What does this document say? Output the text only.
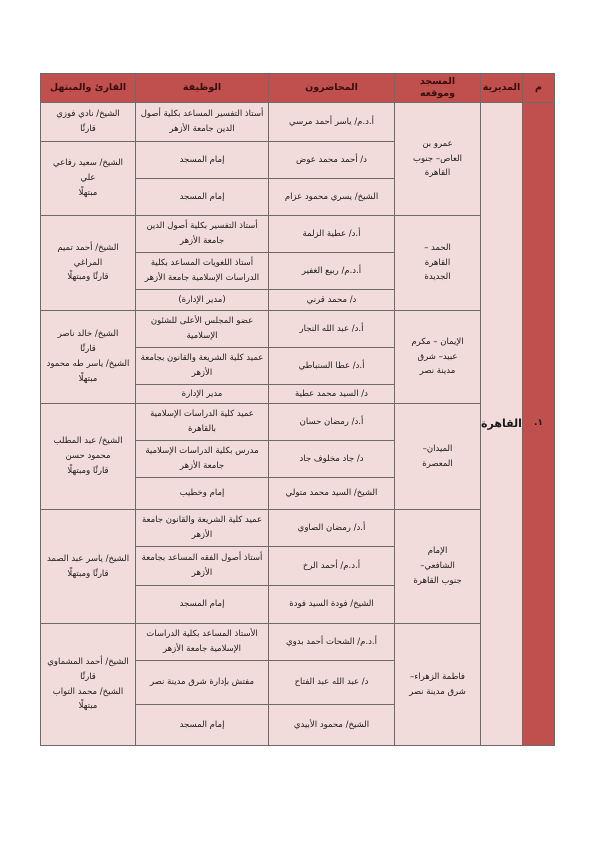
م
المديرية
المسجد
وموقعه
المحاضرون
الوظيفة
القارئ والمبتهل
١.
القاهرة
عمرو بن
العاص– جنوب
القاهرة
أ.د.م/ ياسر أحمد مرسي
د/ أحمد محمد عوض
الشيخ/ يسري محمود عزام
أستاذ التفسير المساعد بكلية أصول
الدين جامعة الأزهر
إمام المسجد
إمام المسجد
الشيخ/ نادي فوزي
قارئًا
الشيخ/ سعيد رفاعي
علي
مبتهلًا
الحمد –
القاهرة
الجديدة
أ.د/ عطية الزلمة
أ.د.م/ ربيع الغفير
د/ محمد قرني
أستاذ التفسير بكلية أصول الدين
جامعة الأزهر
أستاذ اللغويات المساعد بكلية
الدراسات الإسلامية جامعة الأزهر
(مدير الإدارة)
الشيخ/ أحمد تميم
المراغي
قارئًا ومبتهلًا
الإيمان – مكرم
عبيد– شرق
مدينة نصر
أ.د/ عبد الله النجار
أ.د/ عطا السنباطي
د/ السيد محمد عطية
عضو المجلس الأعلى للشئون
الإسلامية
عميد كلية الشريعة والقانون بجامعة
الأزهر
مدير الإدارة
الشيخ/ خالد ناصر
قارئًا
الشيخ/ ياسر طه محمود
مبتهلًا
الميدان–
المعصرة
أ.د/ رمضان حسان
د/ جاد مخلوف جاد
الشيخ/ السيد محمد متولي
عميد كلية الدراسات الإسلامية
بالقاهرة
مدرس بكلية الدراسات الإسلامية
جامعة الأزهر
إمام وخطيب
الشيخ/ عبد المطلب
محمود حسن
قارئًا ومبتهلًا
الإمام
الشافعي–
جنوب القاهرة
أ.د/ رمضان الصاوي
أ.د.م/ أحمد الرخ
الشيخ/ فودة السيد فودة
عميد كلية الشريعة والقانون جامعة
الأزهر
أستاذ أصول الفقه المساعد بجامعة
الأزهر
إمام المسجد
الشيخ/ ياسر عبد الصمد
قارئًا ومبتهلًا
فاطمة الزهراء–
شرق مدينة نصر
أ.د.م/ الشحات أحمد بدوي
د/ عبد الله عبد الفتاح
الشيخ/ محمود الأبيدي
الأستاذ المساعد بكلية الدراسات
الإسلامية جامعة الأزهر
مفتش بإدارة شرق مدينة نصر
إمام المسجد
الشيخ/ أحمد المشماوي
قارئًا
الشيخ/ محمد التواب
مبتهلًا
